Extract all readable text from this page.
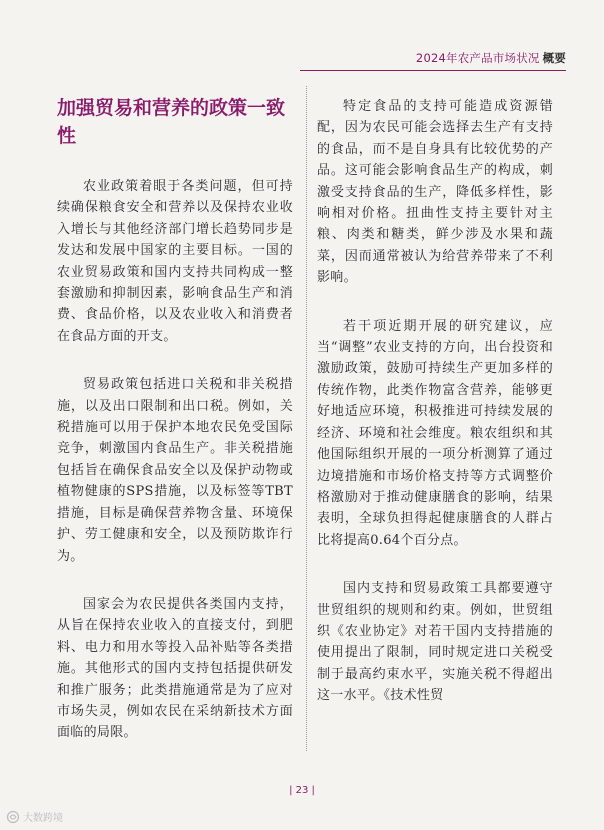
2024年农产品市场状况 概要
加强贸易和营养的政策一致性

农业政策着眼于各类问题，但可持续确保粮食安全和营养以及保持农业收入增长与其他经济部门增长趋势同步是发达和发展中国家的主要目标。一国的农业贸易政策和国内支持共同构成一整套激励和抑制因素，影响食品生产和消费、食品价格，以及农业收入和消费者在食品方面的开支。

贸易政策包括进口关税和非关税措施，以及出口限制和出口税。例如，关税措施可以用于保护本地农民免受国际竞争，刺激国内食品生产。非关税措施包括旨在确保食品安全以及保护动物或植物健康的SPS措施，以及标签等TBT措施，目标是确保营养物含量、环境保护、劳工健康和安全，以及预防欺诈行为。

国家会为农民提供各类国内支持，从旨在保持农业收入的直接支付，到肥料、电力和用水等投入品补贴等各类措施。其他形式的国内支持包括提供研发和推广服务；此类措施通常是为了应对市场失灵，例如农民在采纳新技术方面面临的局限。

特定食品的支持可能造成资源错配，因为农民可能会选择去生产有支持的食品，而不是自身具有比较优势的产品。这可能会影响食品生产的构成，刺激受支持食品的生产，降低多样性，影响相对价格。扭曲性支持主要针对主粮、肉类和糖类，鲜少涉及水果和蔬菜，因而通常被认为给营养带来了不利影响。

若干项近期开展的研究建议，应当“调整”农业支持的方向，出台投资和激励政策，鼓励可持续生产更加多样的传统作物，此类作物富含营养，能够更好地适应环境，积极推进可持续发展的经济、环境和社会维度。粮农组织和其他国际组织开展的一项分析测算了通过边境措施和市场价格支持等方式调整价格激励对于推动健康膳食的影响，结果表明，全球负担得起健康膳食的人群占比将提高0.64个百分点。

国内支持和贸易政策工具都要遵守世贸组织的规则和约束。例如，世贸组织《农业协定》对若干国内支持措施的使用提出了限制，同时规定进口关税受制于最高约束水平，实施关税不得超出这一水平。《技术性贸

| 23 |
大数跨境
